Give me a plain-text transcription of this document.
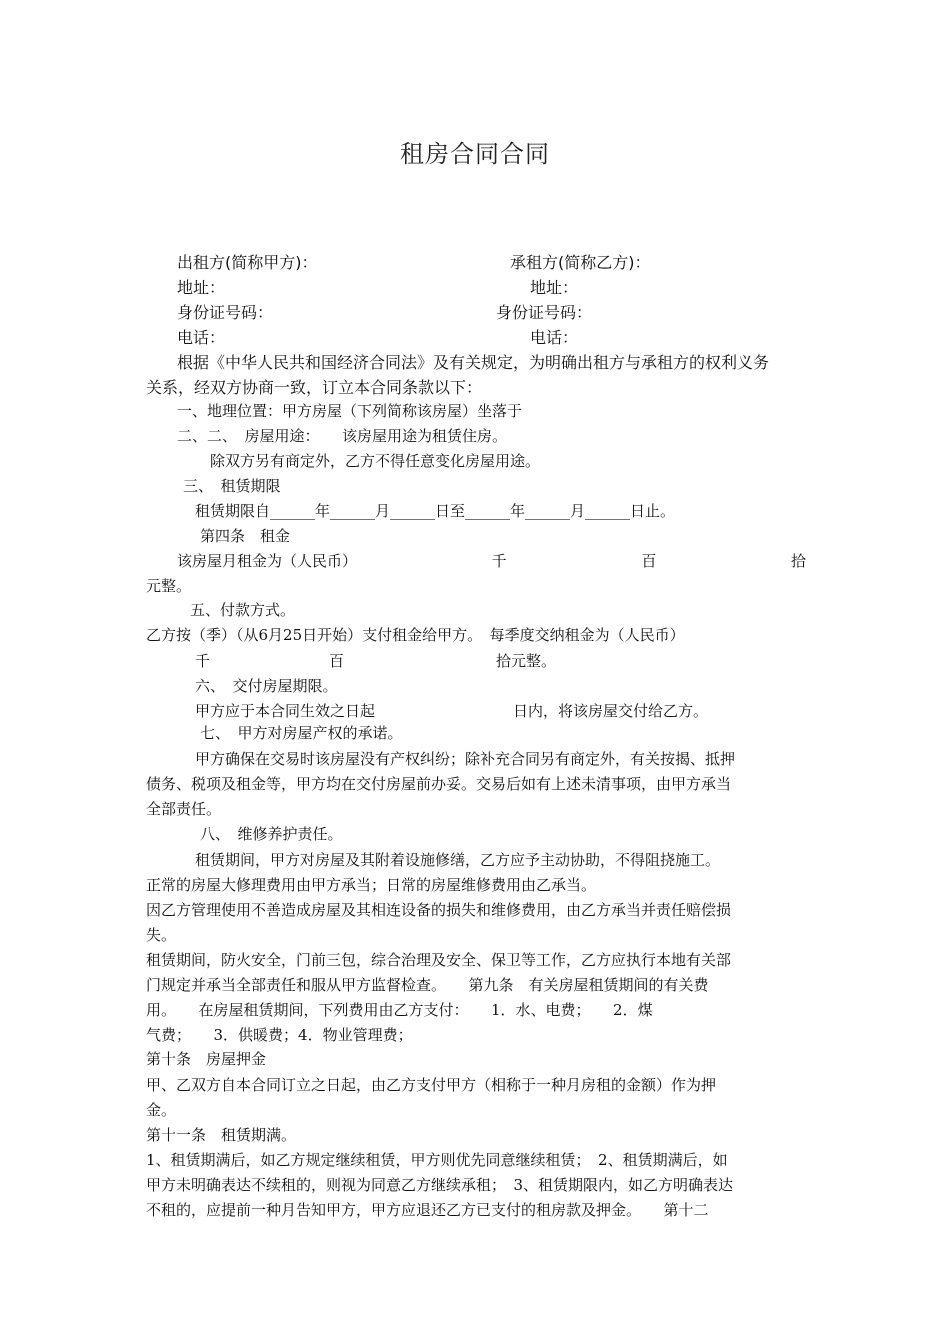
租房合同合同
出租方(简称甲方)：	承租方(简称乙方)：
地址：	地址：
身份证号码：	身份证号码：
电话：	电话：
根据《中华人民共和国经济合同法》及有关规定，为明确出租方与承租方的权利义务
关系，经双方协商一致，订立本合同条款以下：
一、地理位置：甲方房屋（下列简称该房屋）坐落于
二、二、　房屋用途：　　该房屋用途为租赁住房。
除双方另有商定外，乙方不得任意变化房屋用途。
三、　租赁期限
租赁期限自______年______月______日至______年______月______日止。
第四条　租金
该房屋月租金为（人民币）	千	百	拾
元整。
五、付款方式。
乙方按（季）（从6月25日开始）支付租金给甲方。　每季度交纳租金为（人民币）
千	百	拾元整。
六、　交付房屋期限。
甲方应于本合同生效之日起	日内，将该房屋交付给乙方。
七、　甲方对房屋产权的承诺。
甲方确保在交易时该房屋没有产权纠纷；除补充合同另有商定外，有关按揭、抵押
债务、税项及租金等，甲方均在交付房屋前办妥。交易后如有上述未清事项，由甲方承当
全部责任。
八、　维修养护责任。
租赁期间，甲方对房屋及其附着设施修缮，乙方应予主动协助，不得阻挠施工。
正常的房屋大修理费用由甲方承当；日常的房屋维修费用由乙承当。
因乙方管理使用不善造成房屋及其相连设备的损失和维修费用，由乙方承当并责任赔偿损
失。
租赁期间，防火安全，门前三包，综合治理及安全、保卫等工作，乙方应执行本地有关部
门规定并承当全部责任和服从甲方监督检查。　　第九条　有关房屋租赁期间的有关费
用。　　在房屋租赁期间，下列费用由乙方支付：　　1．水、电费；　　2．煤
气费；　　3．供暖费；4．物业管理费；
第十条　房屋押金
甲、乙双方自本合同订立之日起，由乙方支付甲方（相称于一种月房租的金额）作为押
金。
第十一条　租赁期满。
1、租赁期满后，如乙方规定继续租赁，甲方则优先同意继续租赁；　2、租赁期满后，如
甲方未明确表达不续租的，则视为同意乙方继续承租；　3、租赁期限内，如乙方明确表达
不租的，应提前一种月告知甲方，甲方应退还乙方已支付的租房款及押金。　　第十二
